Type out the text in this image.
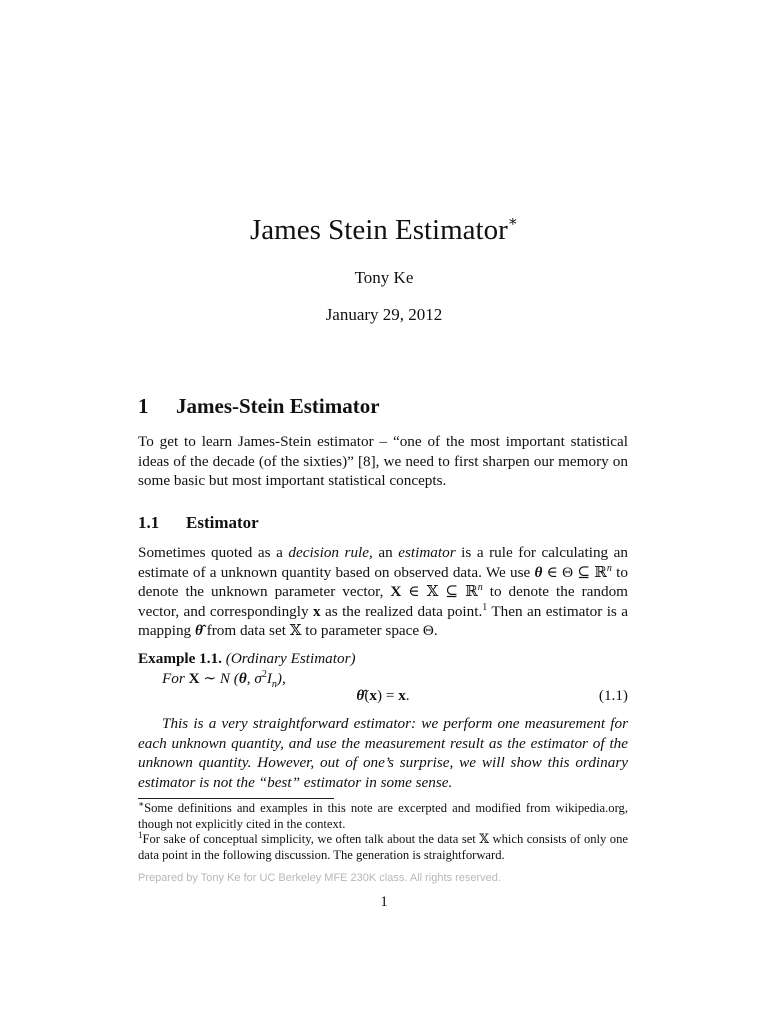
James Stein Estimator∗
Tony Ke
January 29, 2012
1 James-Stein Estimator
To get to learn James-Stein estimator – “one of the most important statistical ideas of the decade (of the sixties)” [8], we need to first sharpen our memory on some basic but most important statistical concepts.
1.1 Estimator
Sometimes quoted as a decision rule, an estimator is a rule for calculating an estimate of a unknown quantity based on observed data. We use θ ∈ Θ ⊆ ℝ$^n$ to denote the unknown parameter vector, X ∈ 𝕏 ⊆ ℝ$^n$ to denote the random vector, and correspondingly x as the realized data point.$^1$ Then an estimator is a mapping θ̂ from data set 𝕏 to parameter space Θ.
Example 1.1. (Ordinary Estimator)
For X ∼ N (θ, $\sigma^2I_n$),
θ̂(x) = x.	(1.1)
This is a very straightforward estimator: we perform one measurement for each unknown quantity, and use the measurement result as the estimator of the unknown quantity. However, out of one’s surprise, we will show this ordinary estimator is not the “best” estimator in some sense.
∗Some definitions and examples in this note are excerpted and modified from wikipedia.org, though not explicitly cited in the context.
$^1$For sake of conceptual simplicity, we often talk about the data set 𝕏 which consists of only one data point in the following discussion. The generation is straightforward.
Prepared by Tony Ke for UC Berkeley MFE 230K class. All rights reserved.
1
